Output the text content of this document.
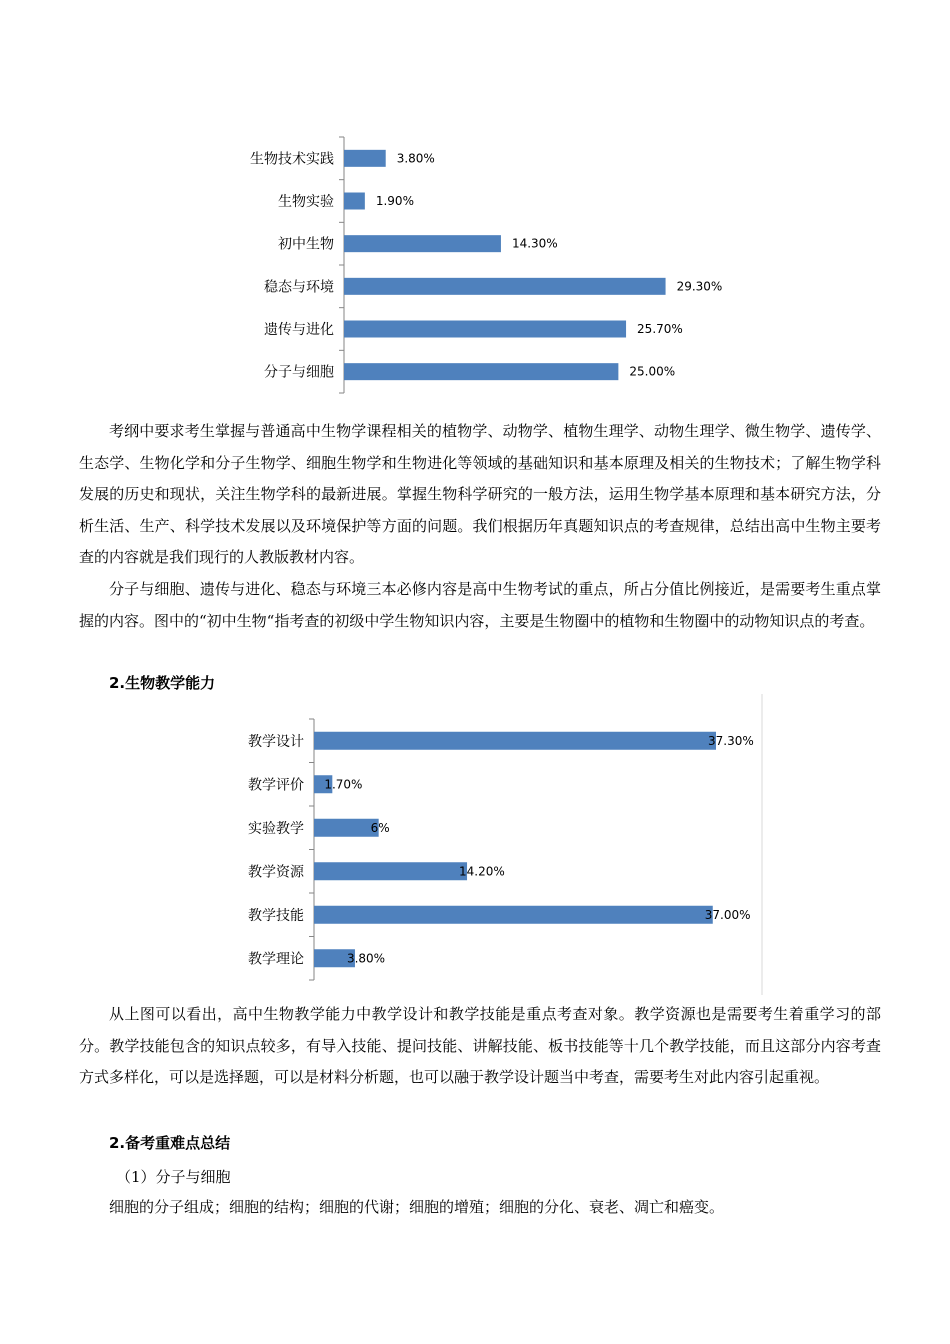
生物技术实践	3.80%
生物实验	1.90%
初中生物	14.30%
稳态与环境	29.30%
遗传与进化	25.70%
分子与细胞	25.00%

考纲中要求考生掌握与普通高中生物学课程相关的植物学、动物学、植物生理学、动物生理学、微生物学、遗传学、生态学、生物化学和分子生物学、细胞生物学和生物进化等领域的基础知识和基本原理及相关的生物技术；了解生物学科发展的历史和现状，关注生物学科的最新进展。掌握生物科学研究的一般方法，运用生物学基本原理和基本研究方法，分析生活、生产、科学技术发展以及环境保护等方面的问题。我们根据历年真题知识点的考查规律，总结出高中生物主要考查的内容就是我们现行的人教版教材内容。

分子与细胞、遗传与进化、稳态与环境三本必修内容是高中生物考试的重点，所占分值比例接近，是需要考生重点掌握的内容。图中的“初中生物“指考查的初级中学生物知识内容，主要是生物圈中的植物和生物圈中的动物知识点的考查。

2.生物教学能力

教学设计	37.30%
教学评价 1.70%
实验教学	6%
教学资源	14.20%
教学技能	37.00%
教学理论	3.80%

从上图可以看出，高中生物教学能力中教学设计和教学技能是重点考查对象。教学资源也是需要考生着重学习的部分。教学技能包含的知识点较多，有导入技能、提问技能、讲解技能、板书技能等十几个教学技能，而且这部分内容考查方式多样化，可以是选择题，可以是材料分析题，也可以融于教学设计题当中考查，需要考生对此内容引起重视。

2.备考重难点总结

（1）分子与细胞

细胞的分子组成；细胞的结构；细胞的代谢；细胞的增殖；细胞的分化、衰老、凋亡和癌变。
